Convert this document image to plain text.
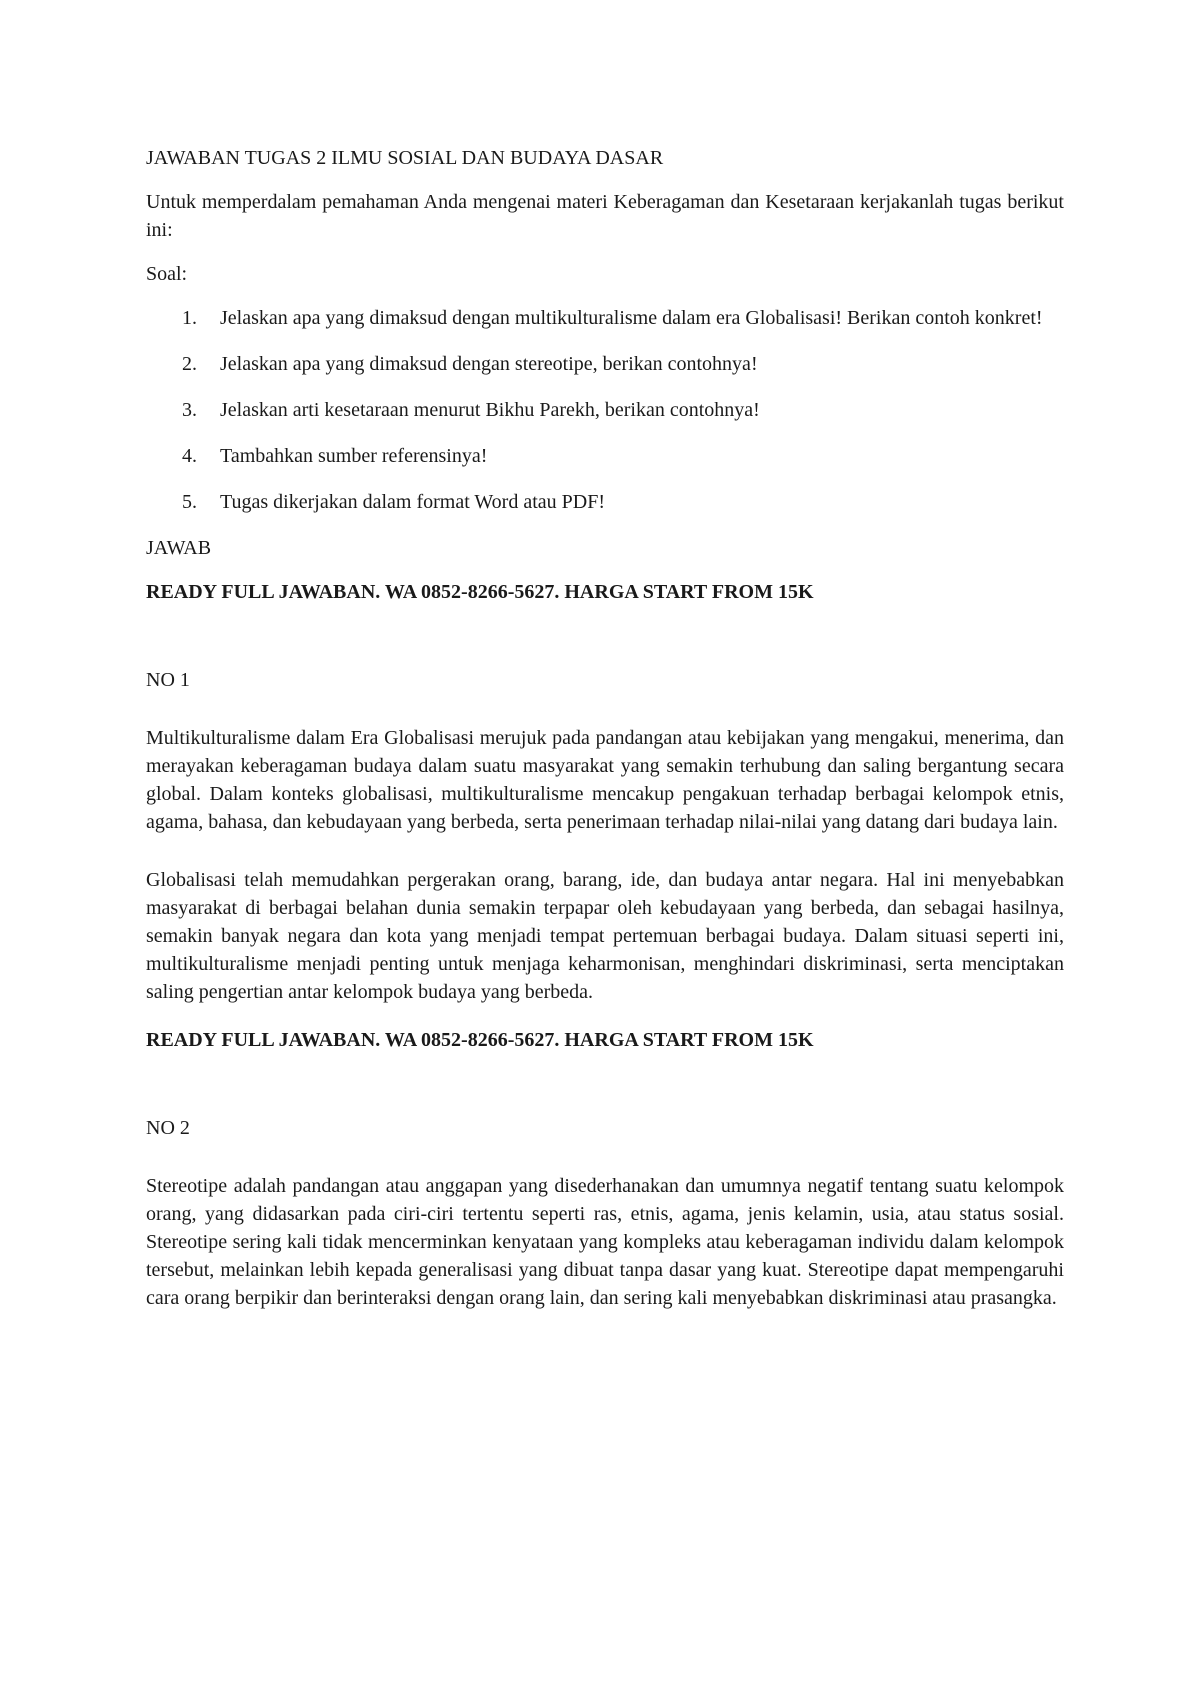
JAWABAN TUGAS 2 ILMU SOSIAL DAN BUDAYA DASAR

Untuk memperdalam pemahaman Anda mengenai materi Keberagaman dan Kesetaraan kerjakanlah tugas berikut ini:

Soal:

1. Jelaskan apa yang dimaksud dengan multikulturalisme dalam era Globalisasi! Berikan contoh konkret!
2. Jelaskan apa yang dimaksud dengan stereotipe, berikan contohnya!
3. Jelaskan arti kesetaraan menurut Bikhu Parekh, berikan contohnya!
4. Tambahkan sumber referensinya!
5. Tugas dikerjakan dalam format Word atau PDF!

JAWAB

READY FULL JAWABAN. WA 0852-8266-5627. HARGA START FROM 15K

NO 1

Multikulturalisme dalam Era Globalisasi merujuk pada pandangan atau kebijakan yang mengakui, menerima, dan merayakan keberagaman budaya dalam suatu masyarakat yang semakin terhubung dan saling bergantung secara global. Dalam konteks globalisasi, multikulturalisme mencakup pengakuan terhadap berbagai kelompok etnis, agama, bahasa, dan kebudayaan yang berbeda, serta penerimaan terhadap nilai-nilai yang datang dari budaya lain.

Globalisasi telah memudahkan pergerakan orang, barang, ide, dan budaya antar negara. Hal ini menyebabkan masyarakat di berbagai belahan dunia semakin terpapar oleh kebudayaan yang berbeda, dan sebagai hasilnya, semakin banyak negara dan kota yang menjadi tempat pertemuan berbagai budaya. Dalam situasi seperti ini, multikulturalisme menjadi penting untuk menjaga keharmonisan, menghindari diskriminasi, serta menciptakan saling pengertian antar kelompok budaya yang berbeda.

READY FULL JAWABAN. WA 0852-8266-5627. HARGA START FROM 15K

NO 2

Stereotipe adalah pandangan atau anggapan yang disederhanakan dan umumnya negatif tentang suatu kelompok orang, yang didasarkan pada ciri-ciri tertentu seperti ras, etnis, agama, jenis kelamin, usia, atau status sosial. Stereotipe sering kali tidak mencerminkan kenyataan yang kompleks atau keberagaman individu dalam kelompok tersebut, melainkan lebih kepada generalisasi yang dibuat tanpa dasar yang kuat. Stereotipe dapat mempengaruhi cara orang berpikir dan berinteraksi dengan orang lain, dan sering kali menyebabkan diskriminasi atau prasangka.
